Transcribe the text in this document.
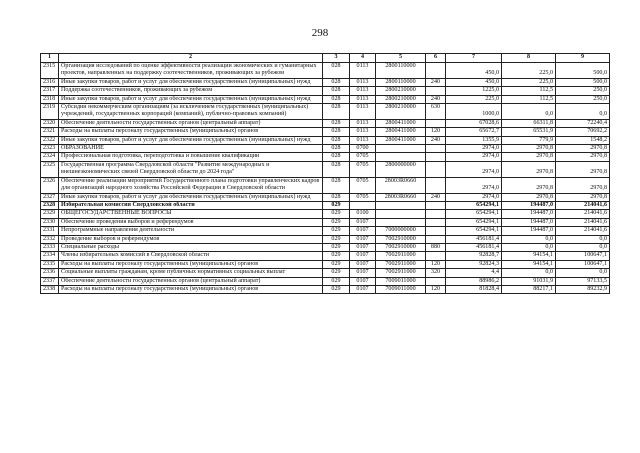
298
1	2	3	4	5	6	7	8	9
2315	Организация исследований по оценке эффективности реализации экономических и гуманитарных проектов, направленных на поддержку соотечественников, проживающих за рубежом	028	0113	2800110000		450,0	225,0	500,0
2316	Иные закупки товаров, работ и услуг для обеспечения государственных (муниципальных) нужд	028	0113	2800110000	240	450,0	225,0	500,0
2317	Поддержка соотечественников, проживающих за рубежом	028	0113	2800210000		1225,0	112,5	250,0
2318	Иные закупки товаров, работ и услуг для обеспечения государственных (муниципальных) нужд	028	0113	2800210000	240	225,0	112,5	250,0
2319	Субсидии некоммерческим организациям (за исключением государственных (муниципальных) учреждений, государственных корпораций (компаний), публично-правовых компаний)	028	0113	2800210000	630	1000,0	0,0	0,0
2320	Обеспечение деятельности государственных органов (центральный аппарат)	028	0113	2800411000		67028,6	66311,8	72240,4
2321	Расходы на выплаты персоналу государственных (муниципальных) органов	028	0113	2800411000	120	65672,7	65531,9	70692,2
2322	Иные закупки товаров, работ и услуг для обеспечения государственных (муниципальных) нужд	028	0113	2800411000	240	1355,9	779,9	1548,2
2323	ОБРАЗОВАНИЕ	028	0700			2974,0	2970,8	2970,8
2324	Профессиональная подготовка, переподготовка и повышение квалификации	028	0705			2974,0	2970,8	2970,8
2325	Государственная программа Свердловской области "Развитие международных и внешнеэкономических связей Свердловской области до 2024 года"	028	0705	2800000000		2974,0	2970,8	2970,8
2326	Обеспечение реализации мероприятий Государственного плана подготовки управленческих кадров для организаций народного хозяйства Российской Федерации в Свердловской области	028	0705	28003R0660		2974,0	2970,8	2970,8
2327	Иные закупки товаров, работ и услуг для обеспечения государственных (муниципальных) нужд	028	0705	28003R0660	240	2974,0	2970,8	2970,8
2328	Избирательная комиссия Свердловской области	029				654294,1	194487,0	214041,6
2329	ОБЩЕГОСУДАРСТВЕННЫЕ ВОПРОСЫ	029	0100			654294,1	194487,0	214041,6
2330	Обеспечение проведения выборов и референдумов	029	0107			654294,1	194487,0	214041,6
2331	Непрограммные направления деятельности	029	0107	7000000000		654294,1	194487,0	214041,6
2332	Проведение выборов и референдумов	029	0107	7002910000		456181,4	0,0	0,0
2333	Специальные расходы	029	0107	7002910000	880	456181,4	0,0	0,0
2334	Члены избирательных комиссий в Свердловской области	029	0107	7002911000		92828,7	94154,1	100647,1
2335	Расходы на выплаты персоналу государственных (муниципальных) органов	029	0107	7002911000	120	92824,3	94154,1	100647,1
2336	Социальные выплаты гражданам, кроме публичных нормативных социальных выплат	029	0107	7002911000	320	4,4	0,0	0,0
2337	Обеспечение деятельности государственных органов (центральный аппарат)	029	0107	7009011000		88986,2	91031,9	97133,5
2338	Расходы на выплаты персоналу государственных (муниципальных) органов	029	0107	7009011000	120	81828,4	88217,1	89232,9
